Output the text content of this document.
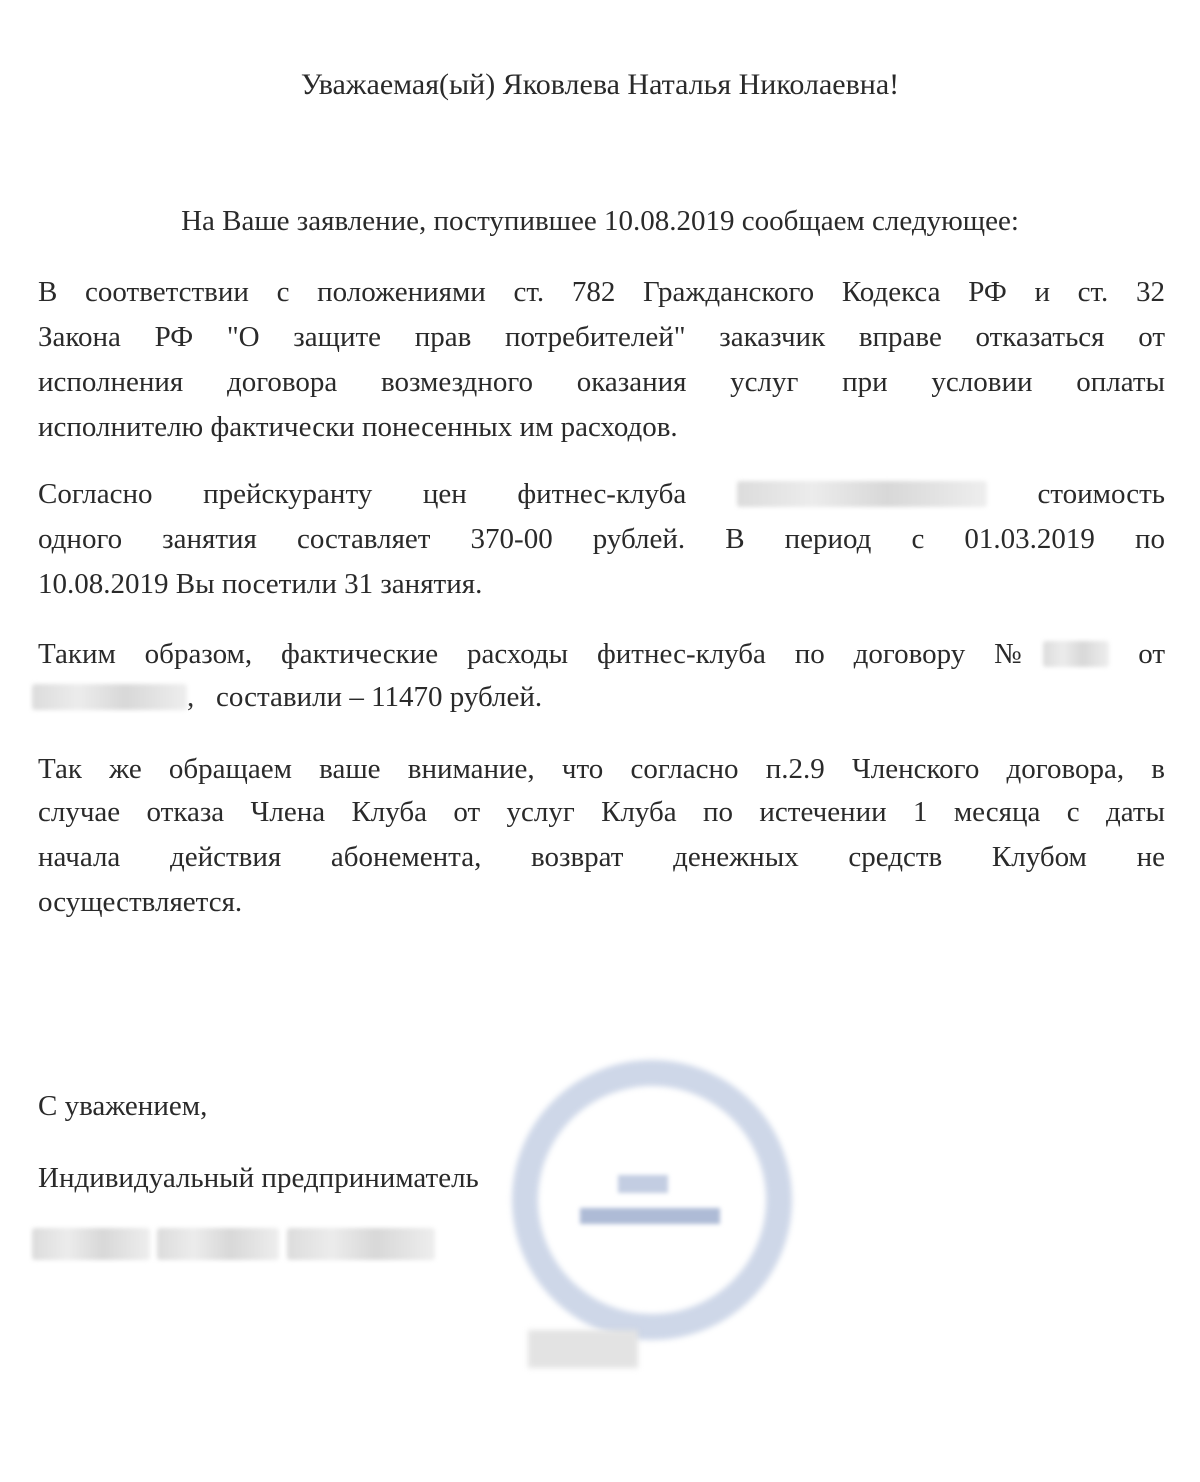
Уважаемая(ый) Яковлева Наталья Николаевна!
На Ваше заявление, поступившее 10.08.2019 сообщаем следующее:
В соответствии с положениями ст. 782 Гражданского Кодекса РФ и ст. 32
Закона РФ "О защите прав потребителей" заказчик вправе отказаться от
исполнения договора возмездного оказания услуг при условии оплаты
исполнителю фактически понесенных им расходов.
Согласно прейскуранту цен фитнес-клуба	стоимость
одного занятия составляет 370-00 рублей. В период с 01.03.2019 по
10.08.2019 Вы посетили 31 занятия.
Таким образом, фактические расходы фитнес-клуба по договору №	от
,   составили – 11470 рублей.
Так же обращаем ваше внимание, что согласно п.2.9 Членского договора, в
случае отказа Члена Клуба от услуг Клуба по истечении 1 месяца с даты
начала действия абонемента, возврат денежных средств Клубом не
осуществляется.
С уважением,
Индивидуальный предприниматель
